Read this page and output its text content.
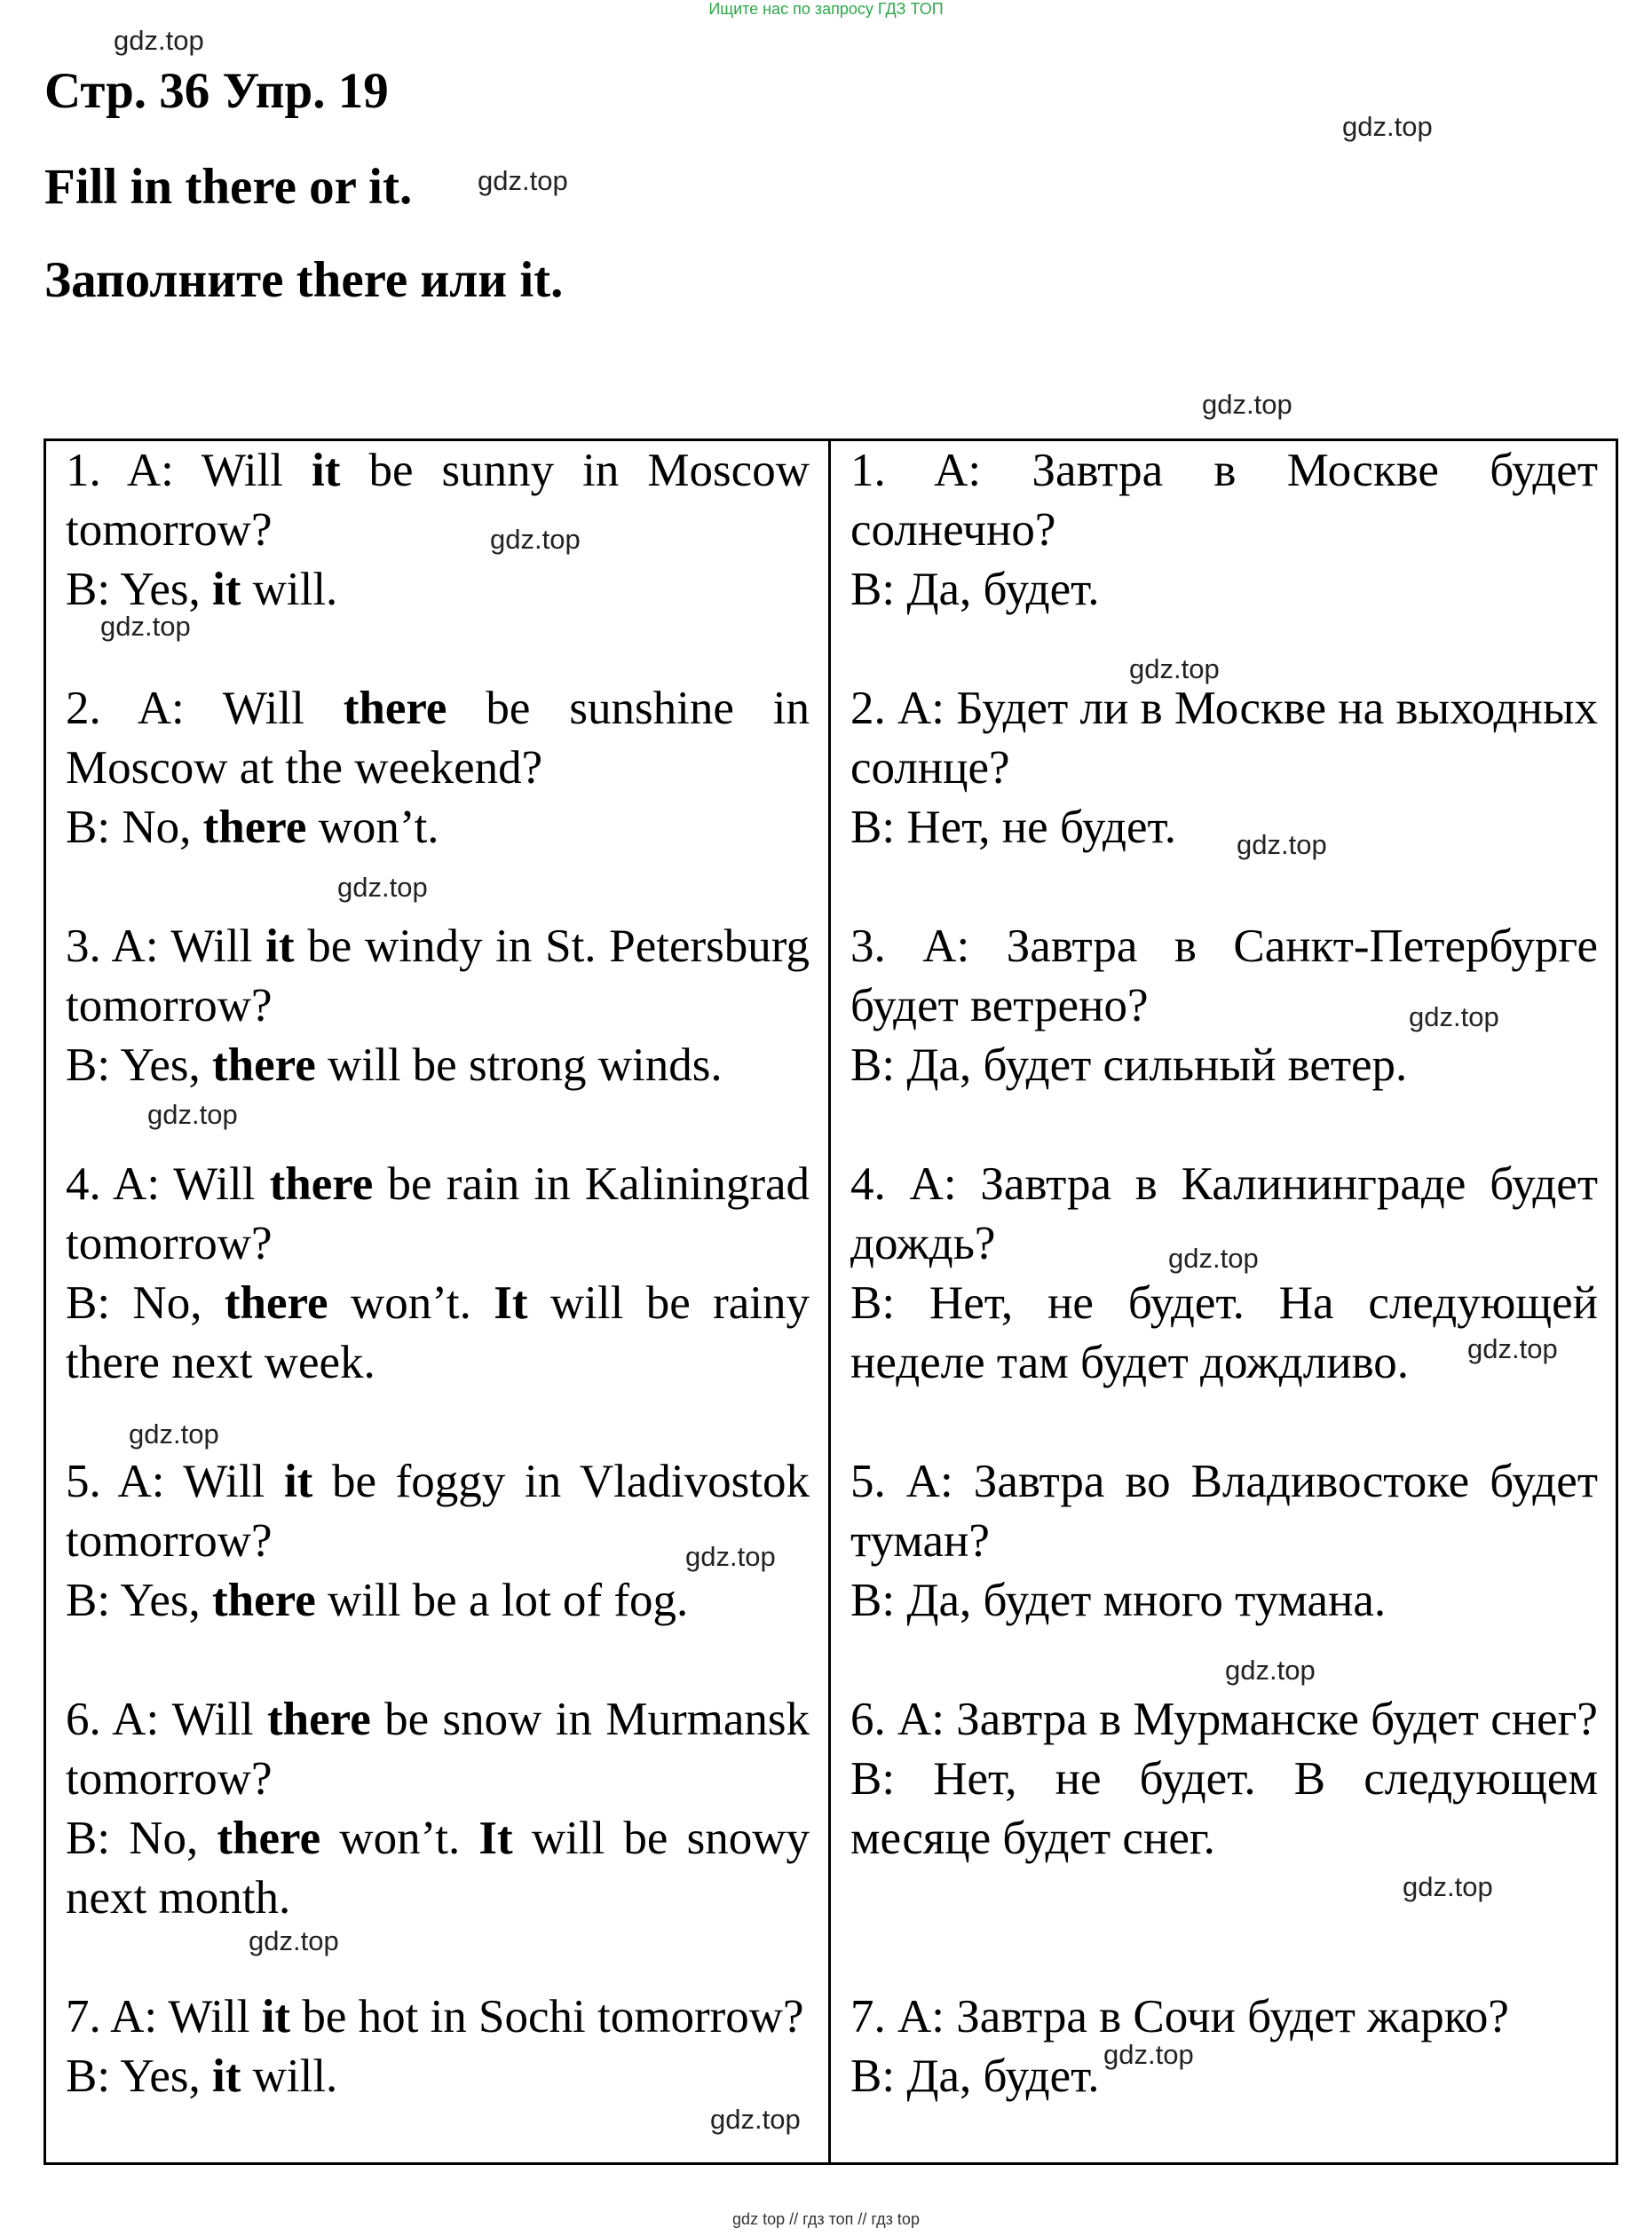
Ищите нас по запросу ГДЗ ТОП
gdz.top
gdz.top
gdz.top
gdz.top
Стр. 36 Упр. 19
Fill in there or it.
Заполните there или it.

1. A: Will it be sunny in Moscow tomorrow?

B: Yes, it will.

2. A: Will there be sunshine in Moscow at the weekend?

B: No, there won’t.

3. A: Will it be windy in St. Petersburg tomorrow?

B: Yes, there will be strong winds.

4. A: Will there be rain in Kaliningrad tomorrow?

B: No, there won’t. It will be rainy there next week.

5. A: Will it be foggy in Vladivostok tomorrow?

B: Yes, there will be a lot of fog.

6. A: Will there be snow in Murmansk tomorrow?

B: No, there won’t. It will be snowy next month.

7. A: Will it be hot in Sochi tomorrow?

B: Yes, it will.

1. A: Завтра в Москве будет солнечно?

В: Да, будет.

2. А: Будет ли в Москве на выходных солнце?

В: Нет, не будет.

3. А: Завтра в Санкт-Петербурге будет ветрено?

В: Да, будет сильный ветер.

4. А: Завтра в Калининграде будет дождь?

В: Нет, не будет. На следующей неделе там будет дождливо.

5. А: Завтра во Владивостоке будет туман?

В: Да, будет много тумана.

6. А: Завтра в Мурманске будет снег?

В: Нет, не будет. В следующем месяце будет снег.

7. А: Завтра в Сочи будет жарко?

В: Да, будет.

gdz.top
gdz.top
gdz.top
gdz.top
gdz.top
gdz.top
gdz.top
gdz.top
gdz.top
gdz.top
gdz.top
gdz.top
gdz.top
gdz.top
gdz.top
gdz.top
gdz top // гдз топ // гдз top
